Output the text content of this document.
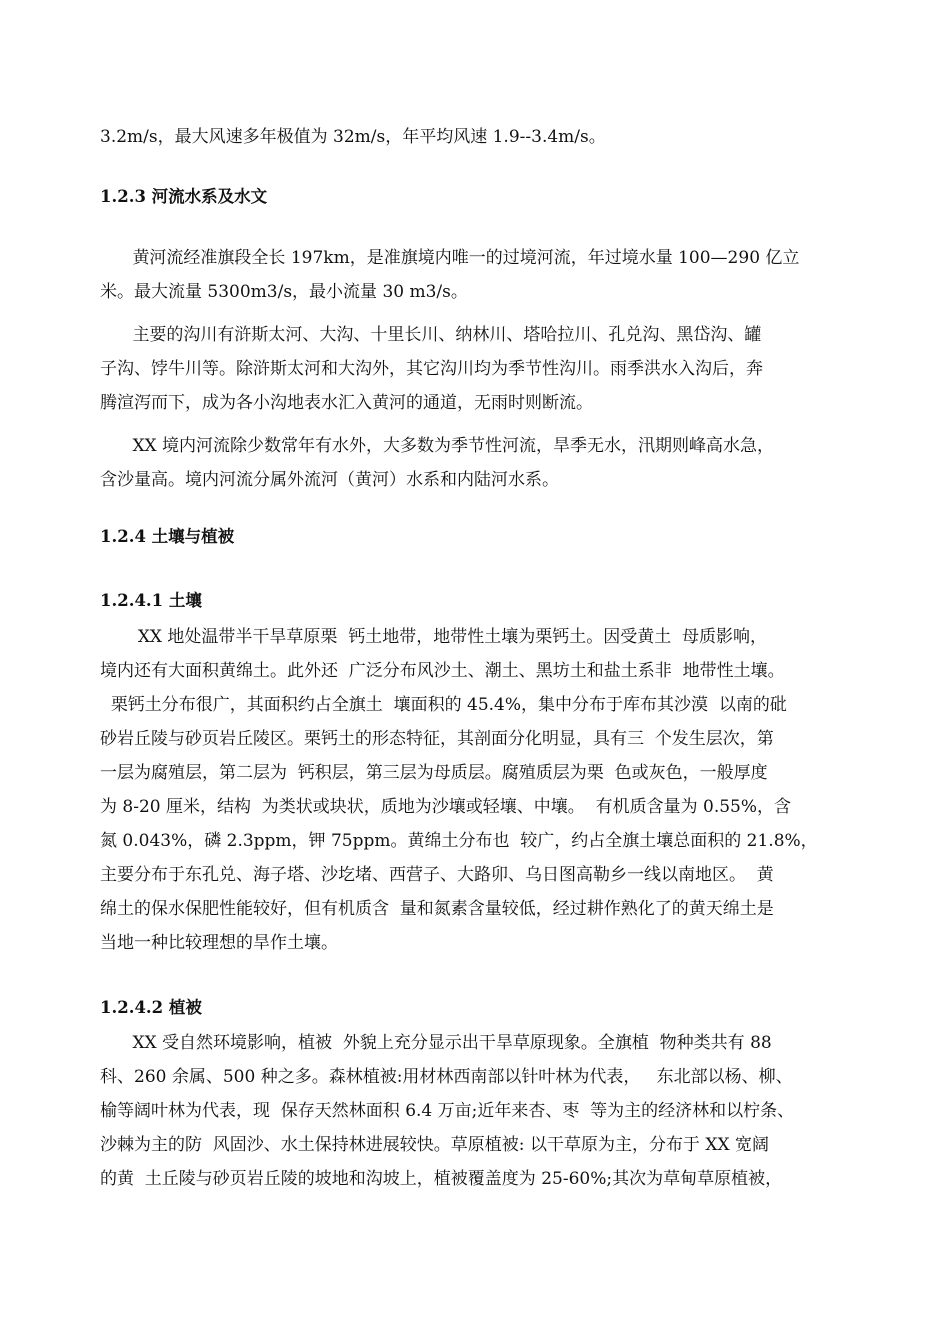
3.2m/s，最大风速多年极值为 32m/s，年平均风速 1.9--3.4m/s。

1.2.3 河流水系及水文

黄河流经准旗段全长 197km，是准旗境内唯一的过境河流，年过境水量 100—290 亿立
米。最大流量 5300m3/s，最小流量 30 m3/s。

主要的沟川有浒斯太河、大沟、十里长川、纳林川、塔哈拉川、孔兑沟、黑岱沟、罐
子沟、饽牛川等。除浒斯太河和大沟外，其它沟川均为季节性沟川。雨季洪水入沟后，奔
腾渲泻而下，成为各小沟地表水汇入黄河的通道，无雨时则断流。

XX 境内河流除少数常年有水外，大多数为季节性河流，旱季无水，汛期则峰高水急，
含沙量高。境内河流分属外流河（黄河）水系和内陆河水系。

1.2.4 土壤与植被
1.2.4.1 土壤

XX 地处温带半干旱草原栗  钙土地带，地带性土壤为栗钙土。因受黄土  母质影响，
境内还有大面积黄绵土。此外还  广泛分布风沙土、潮土、黑坊土和盐土系非  地带性土壤。
栗钙土分布很广，其面积约占全旗土  壤面积的 45.4%，集中分布于库布其沙漠  以南的砒
砂岩丘陵与砂页岩丘陵区。栗钙土的形态特征，其剖面分化明显，具有三  个发生层次，第
一层为腐殖层，第二层为  钙积层，第三层为母质层。腐殖质层为栗  色或灰色，一般厚度
为 8-20 厘米，结构  为类状或块状，质地为沙壤或轻壤、中壤。  有机质含量为 0.55%，含
氮 0.043%，磷 2.3ppm，钾 75ppm。黄绵土分布也  较广，约占全旗土壤总面积的 21.8%，
主要分布于东孔兑、海子塔、沙圪堵、西营子、大路卯、乌日图高勒乡一线以南地区。  黄
绵土的保水保肥性能较好，但有机质含  量和氮素含量较低，经过耕作熟化了的黄天绵土是
当地一种比较理想的旱作土壤。

1.2.4.2 植被

XX 受自然环境影响，植被  外貌上充分显示出干旱草原现象。全旗植  物种类共有 88
科、260 余属、500 种之多。森林植被:用材林西南部以针叶林为代表，   东北部以杨、柳、
榆等阔叶林为代表，现  保存天然林面积 6.4 万亩;近年来杏、枣  等为主的经济林和以柠条、
沙棘为主的防  风固沙、水土保持林进展较快。草原植被: 以干草原为主，分布于 XX 宽阔
的黄  土丘陵与砂页岩丘陵的坡地和沟坡上，植被覆盖度为 25-60%;其次为草甸草原植被，
